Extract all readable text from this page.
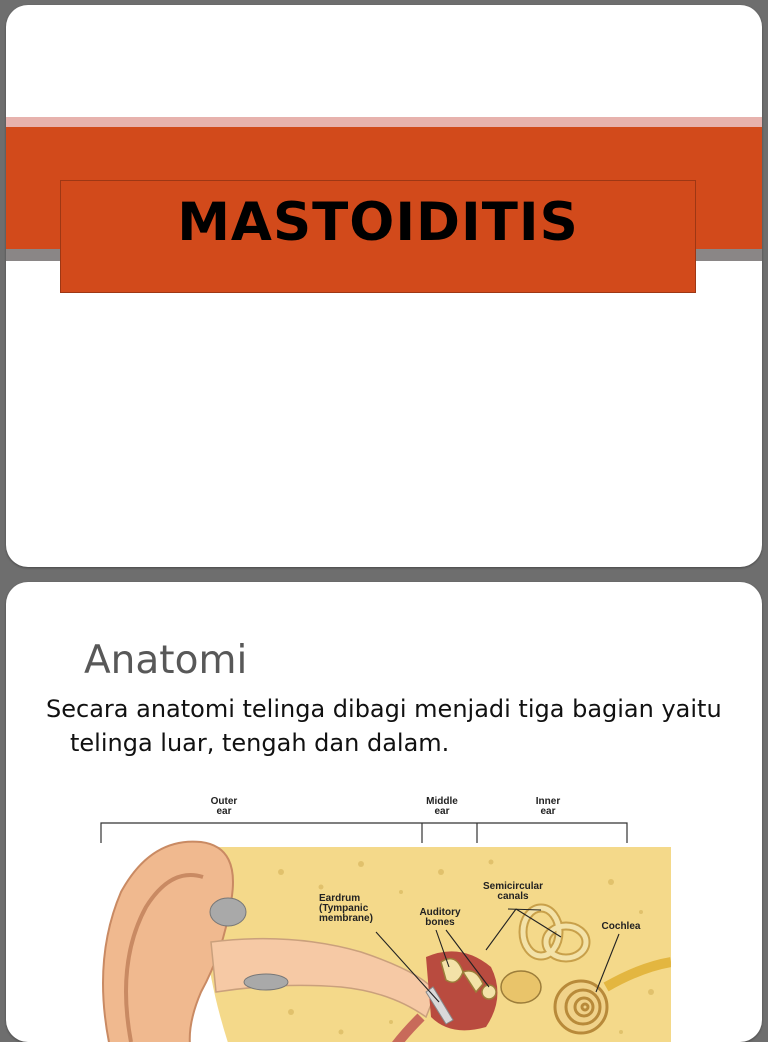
MASTOIDITIS
Anatomi
Secara anatomi telinga dibagi menjadi tiga bagian yaitu telinga luar, tengah dan dalam.
Outer
ear
Middle
ear
Inner
ear
Eardrum
(Tympanic
membrane)
Auditory
bones
Semicircular
canals
Cochlea
